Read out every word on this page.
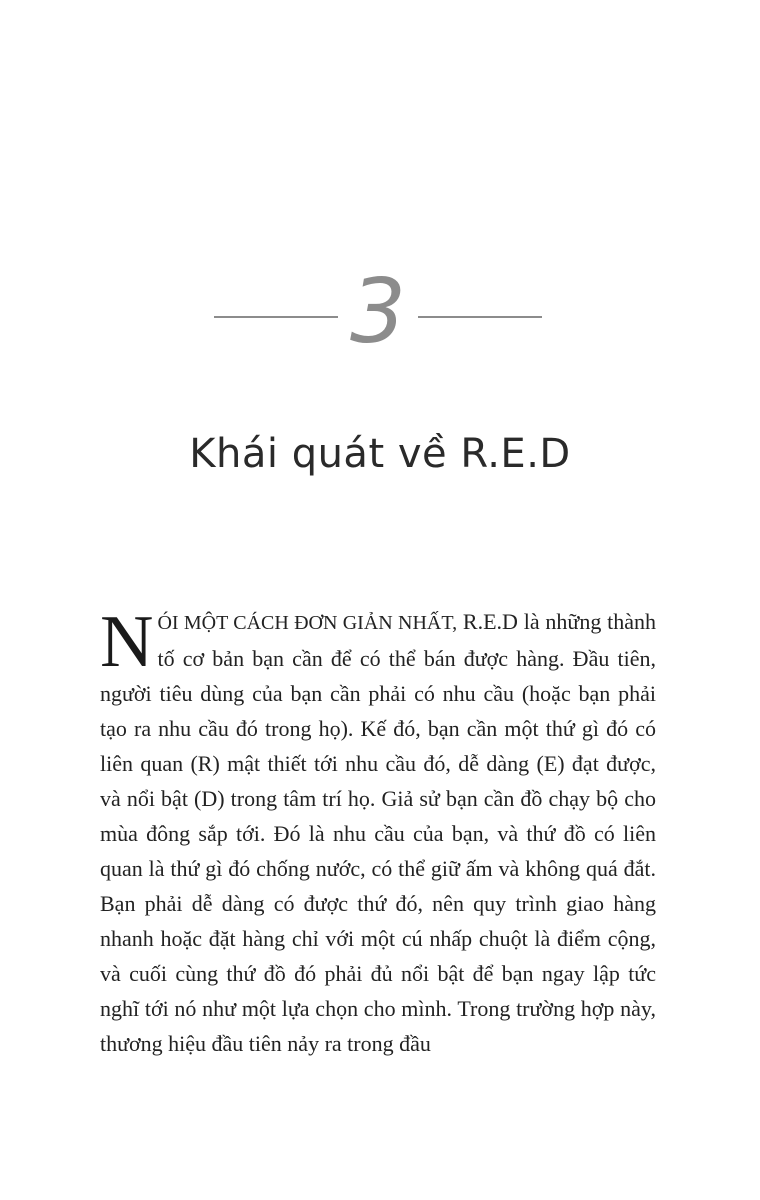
3
Khái quát về R.E.D
NÓI MỘT CÁCH ĐƠN GIẢN NHẤT, R.E.D là những thành tố cơ bản bạn cần để có thể bán được hàng. Đầu tiên, người tiêu dùng của bạn cần phải có nhu cầu (hoặc bạn phải tạo ra nhu cầu đó trong họ). Kế đó, bạn cần một thứ gì đó có liên quan (R) mật thiết tới nhu cầu đó, dễ dàng (E) đạt được, và nổi bật (D) trong tâm trí họ. Giả sử bạn cần đồ chạy bộ cho mùa đông sắp tới. Đó là nhu cầu của bạn, và thứ đồ có liên quan là thứ gì đó chống nước, có thể giữ ấm và không quá đắt. Bạn phải dễ dàng có được thứ đó, nên quy trình giao hàng nhanh hoặc đặt hàng chỉ với một cú nhấp chuột là điểm cộng, và cuối cùng thứ đồ đó phải đủ nổi bật để bạn ngay lập tức nghĩ tới nó như một lựa chọn cho mình. Trong trường hợp này, thương hiệu đầu tiên nảy ra trong đầu
